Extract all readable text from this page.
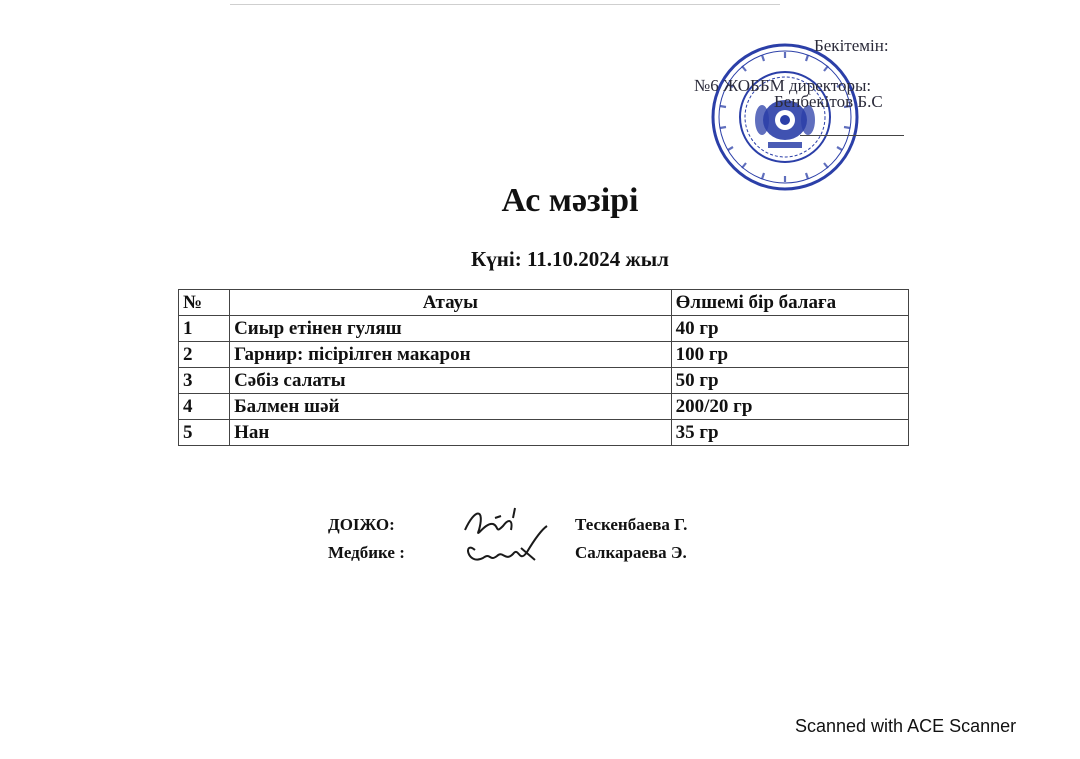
Бекітемін:
№6 ЖОББМ директоры:
Бенбекітов Б.С
Ас мәзірі
Күні: 11.10.2024 жыл
№	Атауы	Өлшемі бір балаға
1	Сиыр етінен гуляш	40 гр
2	Гарнир: пісірілген макарон	100 гр
3	Сәбіз салаты	50 гр
4	Балмен шәй	200/20 гр
5	Нан	35 гр
ДОІЖО:
Медбике :
Тескенбаева Г.
Салкараева Э.
Scanned with ACE Scanner
